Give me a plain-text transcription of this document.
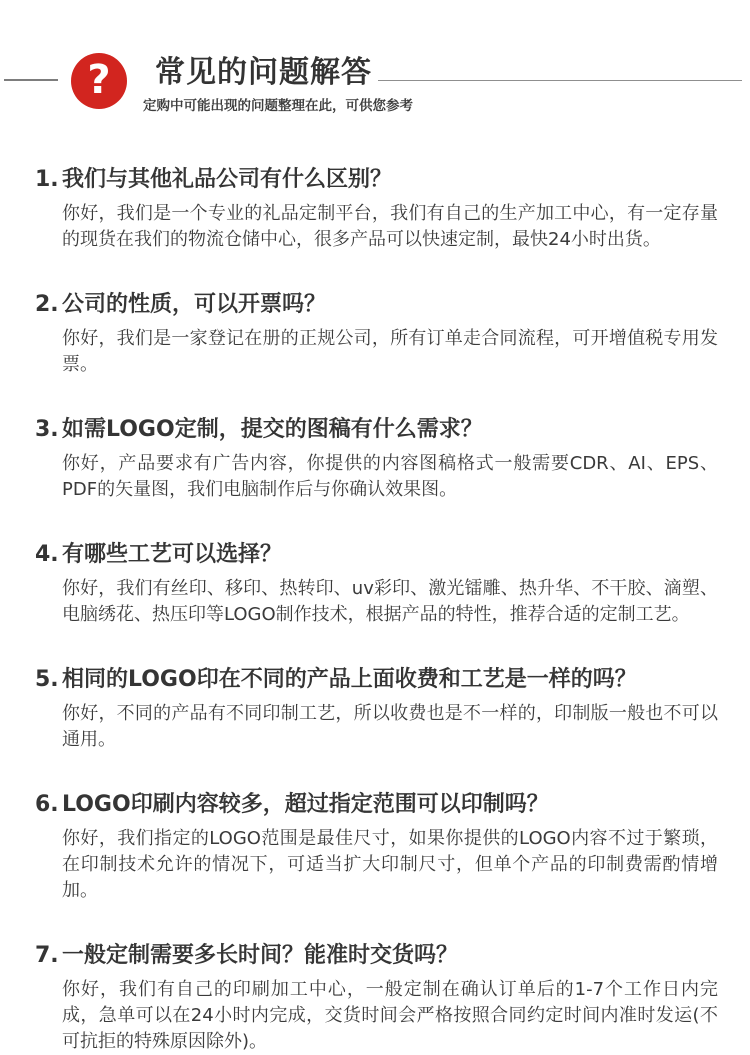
? 常见的问题解答
定购中可能出现的问题整理在此，可供您参考
1. 我们与其他礼品公司有什么区别？

你好，我们是一个专业的礼品定制平台，我们有自己的生产加工中心，有一定存量的现货在我们的物流仓储中心，很多产品可以快速定制，最快24小时出货。

2. 公司的性质，可以开票吗？

你好，我们是一家登记在册的正规公司，所有订单走合同流程，可开增值税专用发票。

3. 如需LOGO定制，提交的图稿有什么需求？

你好，产品要求有广告内容，你提供的内容图稿格式一般需要CDR、AI、EPS、PDF的矢量图，我们电脑制作后与你确认效果图。

4. 有哪些工艺可以选择？

你好，我们有丝印、移印、热转印、uv彩印、激光镭雕、热升华、不干胶、滴塑、电脑绣花、热压印等LOGO制作技术，根据产品的特性，推荐合适的定制工艺。

5. 相同的LOGO印在不同的产品上面收费和工艺是一样的吗？

你好，不同的产品有不同印制工艺，所以收费也是不一样的，印制版一般也不可以通用。

6. LOGO印刷内容较多，超过指定范围可以印制吗？

你好，我们指定的LOGO范围是最佳尺寸，如果你提供的LOGO内容不过于繁琐，在印制技术允许的情况下，可适当扩大印制尺寸，但单个产品的印制费需酌情增加。

7. 一般定制需要多长时间？能准时交货吗？

你好，我们有自己的印刷加工中心，一般定制在确认订单后的1-7个工作日内完成，急单可以在24小时内完成，交货时间会严格按照合同约定时间内准时发运(不可抗拒的特殊原因除外)。
